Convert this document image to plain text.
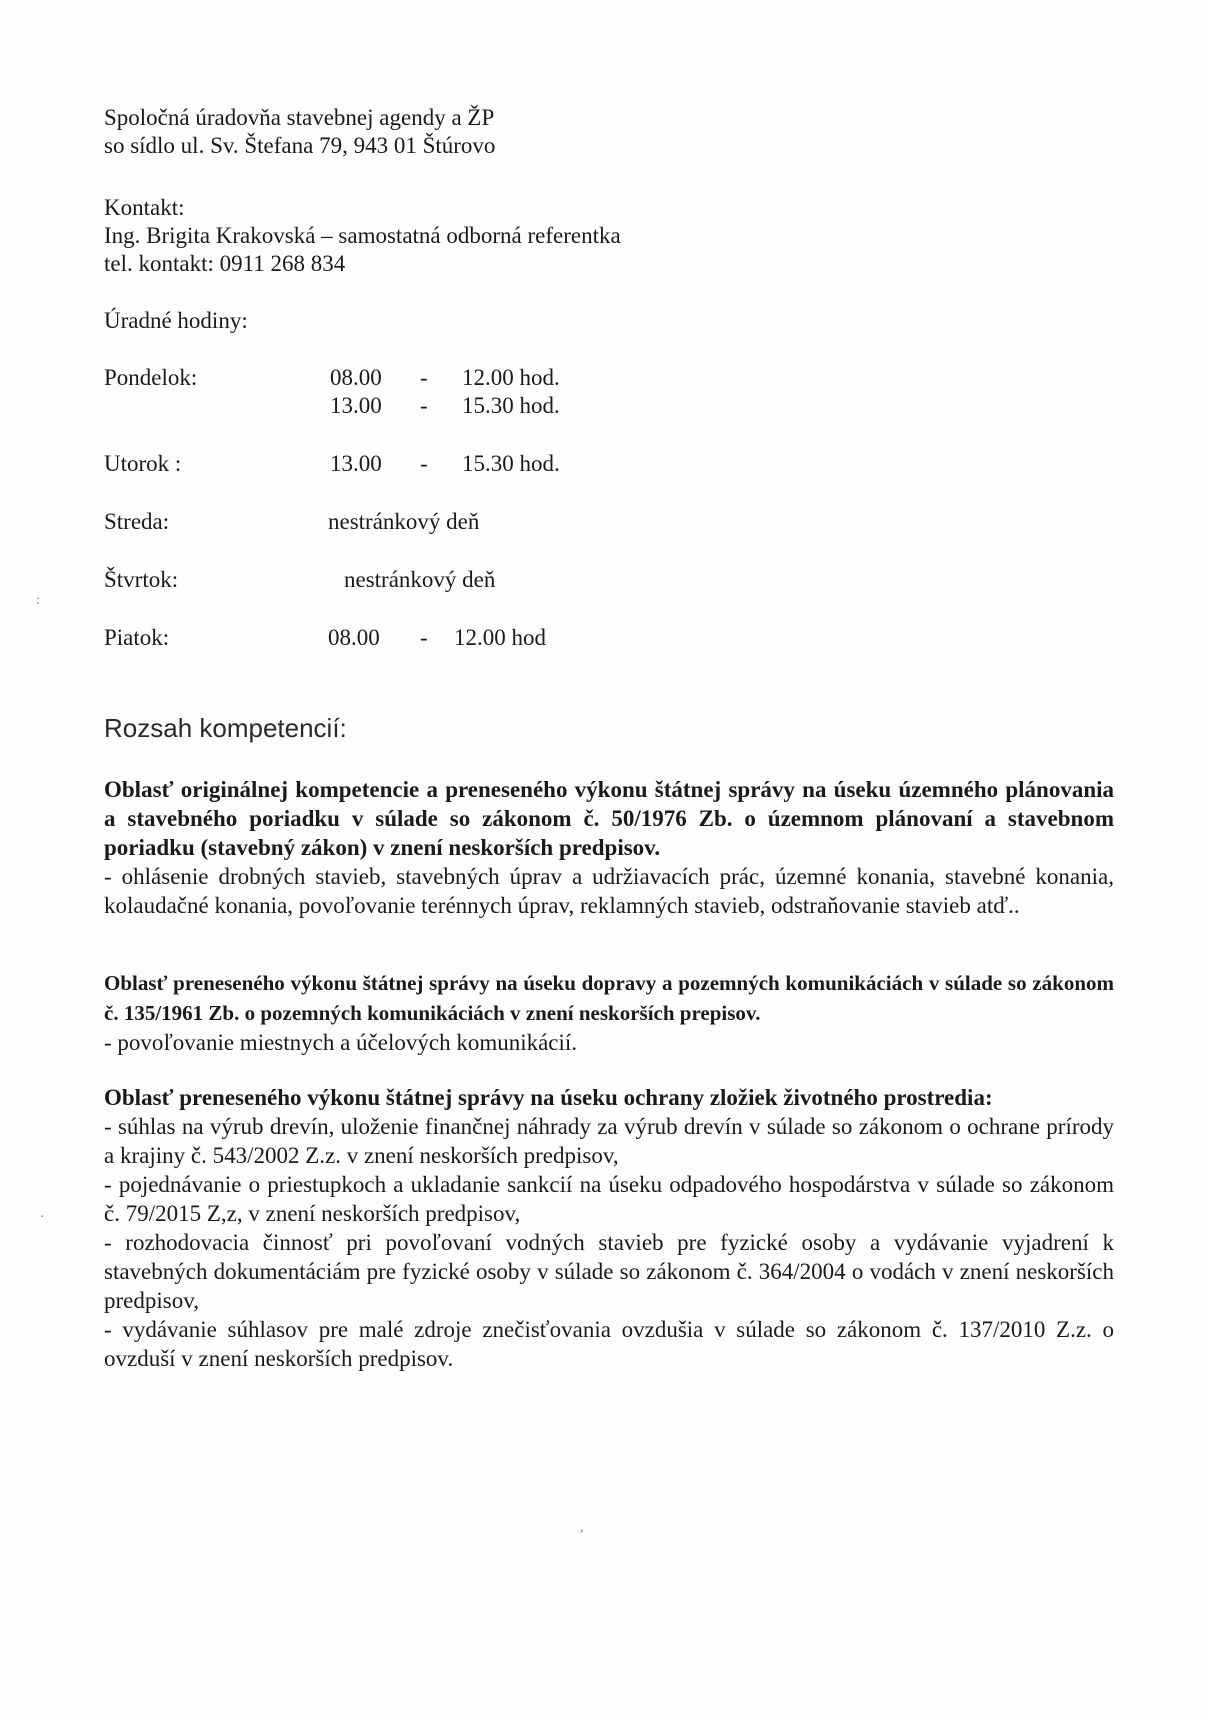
Spoločná úradovňa stavebnej agendy a ŽP
so sídlo ul. Sv. Štefana 79, 943 01 Štúrovo
Kontakt:
Ing. Brigita Krakovská – samostatná odborná referentka
tel. kontakt: 0911 268 834
Úradné hodiny:
Pondelok:	08.00 - 12.00 hod.
13.00 - 15.30 hod.
Utorok :	13.00 - 15.30 hod.
Streda:	nestránkový deň
Štvrtok:	nestránkový deň
Piatok:	08.00 - 12.00 hod
Rozsah kompetencií:
Oblasť originálnej kompetencie a preneseného výkonu štátnej správy na úseku územného plánovania a stavebného poriadku v súlade so zákonom č. 50/1976 Zb. o územnom plánovaní a stavebnom poriadku (stavebný zákon) v znení neskorších predpisov.
- ohlásenie drobných stavieb, stavebných úprav a udržiavacích prác, územné konania, stavebné konania, kolaudačné konania, povoľovanie terénnych úprav, reklamných stavieb, odstraňovanie stavieb atď..
Oblasť preneseného výkonu štátnej správy na úseku dopravy a pozemných komunikáciách v súlade so zákonom č. 135/1961 Zb. o pozemných komunikáciách v znení neskorších prepisov.
- povoľovanie miestnych a účelových komunikácií.
Oblasť preneseného výkonu štátnej správy na úseku ochrany zložiek životného prostredia:
- súhlas na výrub drevín, uloženie finančnej náhrady za výrub drevín v súlade so zákonom o ochrane prírody a krajiny č. 543/2002 Z.z. v znení neskorších predpisov,
- pojednávanie o priestupkoch a ukladanie sankcií na úseku odpadového hospodárstva v súlade so zákonom č. 79/2015 Z,z, v znení neskorších predpisov,
- rozhodovacia činnosť pri povoľovaní vodných stavieb pre fyzické osoby a vydávanie vyjadrení k stavebných dokumentáciám pre fyzické osoby v súlade so zákonom č. 364/2004 o vodách v znení neskorších predpisov,
- vydávanie súhlasov pre malé zdroje znečisťovania ovzdušia v súlade so zákonom č. 137/2010 Z.z. o ovzduší v znení neskorších predpisov.
:
,
·
